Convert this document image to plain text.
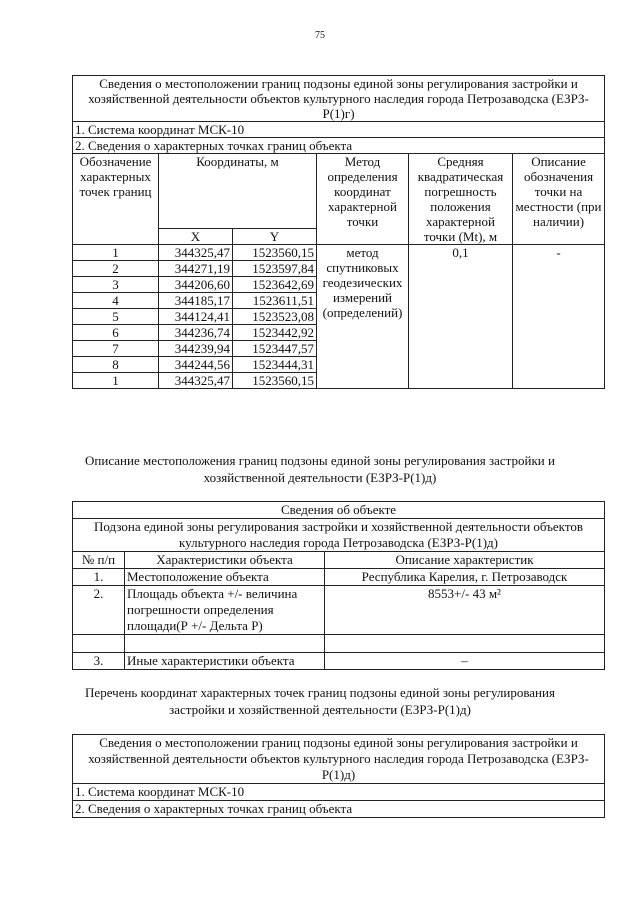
75
Сведения о местоположении границ подзоны единой зоны регулирования застройки и хозяйственной деятельности объектов культурного наследия города Петрозаводска (ЕЗРЗ-Р(1)г)					
1. Система координат МСК-10					
2. Сведения о характерных точках границ объекта					
Обозначение характерных точек границ	Координаты, м		Метод определения координат характерной точки	Средняя квадратическая погрешность положения характерной точки (Mt), м	Описание обозначения точки на местности (при наличии)
	X	Y			
1	344325,47	1523560,15	метод спутниковых геодезических измерений (определений)	0,1	-
2	344271,19	1523597,84			
3	344206,60	1523642,69			
4	344185,17	1523611,51			
5	344124,41	1523523,08			
6	344236,74	1523442,92			
7	344239,94	1523447,57			
8	344244,56	1523444,31			
1	344325,47	1523560,15			
Описание местоположения границ подзоны единой зоны регулирования застройки и хозяйственной деятельности (ЕЗРЗ-Р(1)д)
Сведения об объекте		
Подзона единой зоны регулирования застройки и хозяйственной деятельности объектов культурного наследия города Петрозаводска (ЕЗРЗ-Р(1)д)		
№ п/п	Характеристики объекта	Описание характеристик
1.	Местоположение объекта	Республика Карелия, г. Петрозаводск
2.	Площадь объекта +/- величина погрешности определения площади(Р +/- Дельта Р)	8553+/- 43 м²

3.	Иные характеристики объекта	–
Перечень координат характерных точек границ подзоны единой зоны регулирования застройки и хозяйственной деятельности (ЕЗРЗ-Р(1)д)
Сведения о местоположении границ подзоны единой зоны регулирования застройки и хозяйственной деятельности объектов культурного наследия города Петрозаводска (ЕЗРЗ-Р(1)д)
1. Система координат МСК-10
2. Сведения о характерных точках границ объекта
